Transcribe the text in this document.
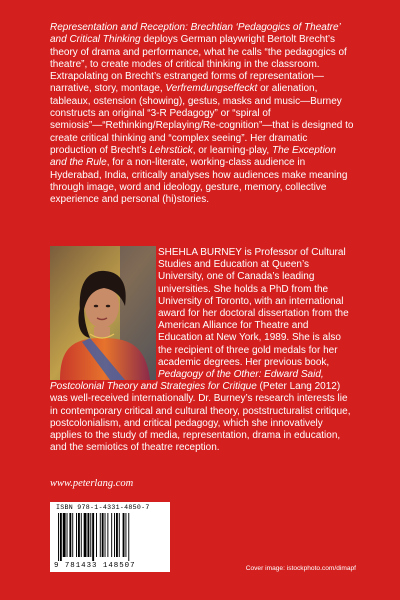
Representation and Reception: Brechtian ‘Pedagogics of Theatre’ and Critical Thinking deploys German playwright Bertolt Brecht’s theory of drama and performance, what he calls “the pedagogics of theatre”, to create modes of critical thinking in the classroom. Extrapolating on Brecht’s estranged forms of representation—narrative, story, montage, Verfremdungseffeckt or alienation, tableaux, ostension (showing), gestus, masks and music—Burney constructs an original “3-R Pedagogy” or “spiral of semiosis”—“Rethinking/Replaying/Re-cognition”—that is designed to create critical thinking and “complex seeing”. Her dramatic production of Brecht’s Lehrstück, or learning-play, The Exception and the Rule, for a non-literate, working-class audience in Hyderabad, India, critically analyses how audiences make meaning through image, word and ideology, gesture, memory, collective experience and personal (hi)stories.
SHEHLA BURNEY is Professor of Cultural Studies and Education at Queen’s University, one of Canada’s leading universities. She holds a PhD from the University of Toronto, with an international award for her doctoral dissertation from the American Alliance for Theatre and Education at New York, 1989. She is also the recipient of three gold medals for her academic degrees. Her previous book, Pedagogy of the Other: Edward Said, Postcolonial Theory and Strategies for Critique (Peter Lang 2012) was well-received internationally. Dr. Burney’s research interests lie in contemporary critical and cultural theory, poststructuralist critique, postcolonialism, and critical pedagogy, which she innovatively applies to the study of media, representation, drama in education, and the semiotics of theatre reception.
www.peterlang.com
ISBN 978-1-4331-4850-7
9 781433 148507	Cover image: istockphoto.com/dimapf
